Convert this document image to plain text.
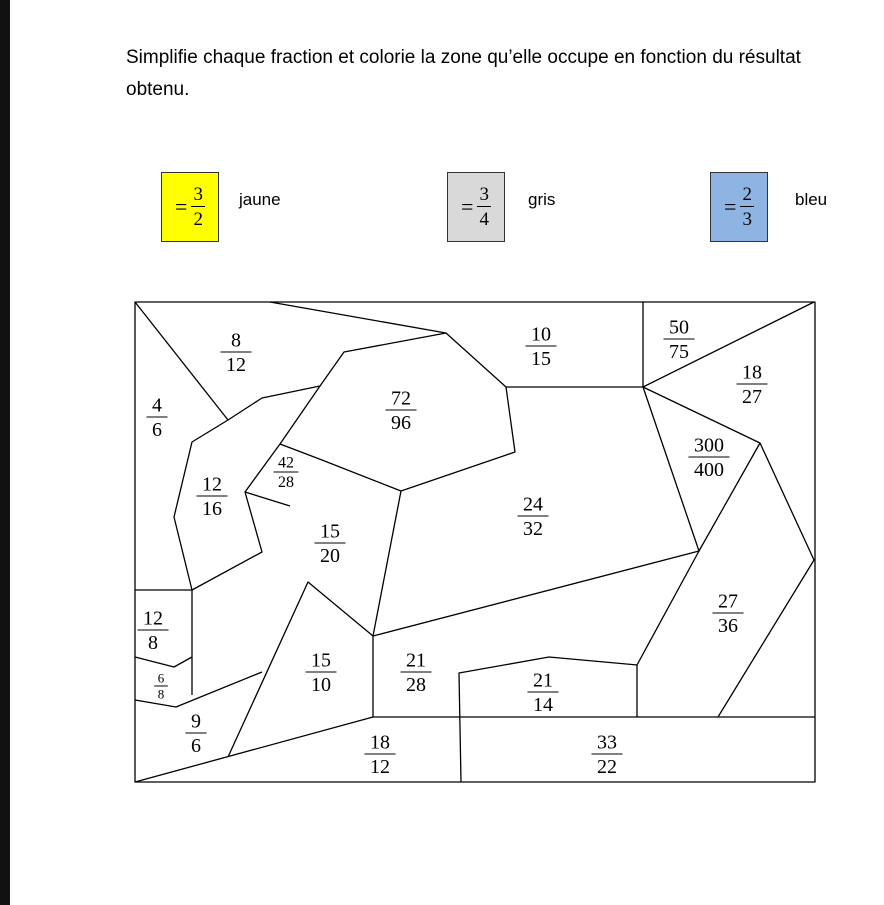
Simplifie chaque fraction et colorie la zone qu’elle occupe en fonction du résultat obtenu.

= $\frac{3}{2}$ jaune	= $\frac{3}{4}$ gris	= $\frac{2}{3}$ bleu
8
12
4
6
10
15
50
75
18
27
72
96
300
400
42
28
12
16	24
32
15
20
27
36
12
8
6
8
15
10
21
28	21
14
9
6	18
12
33
22
